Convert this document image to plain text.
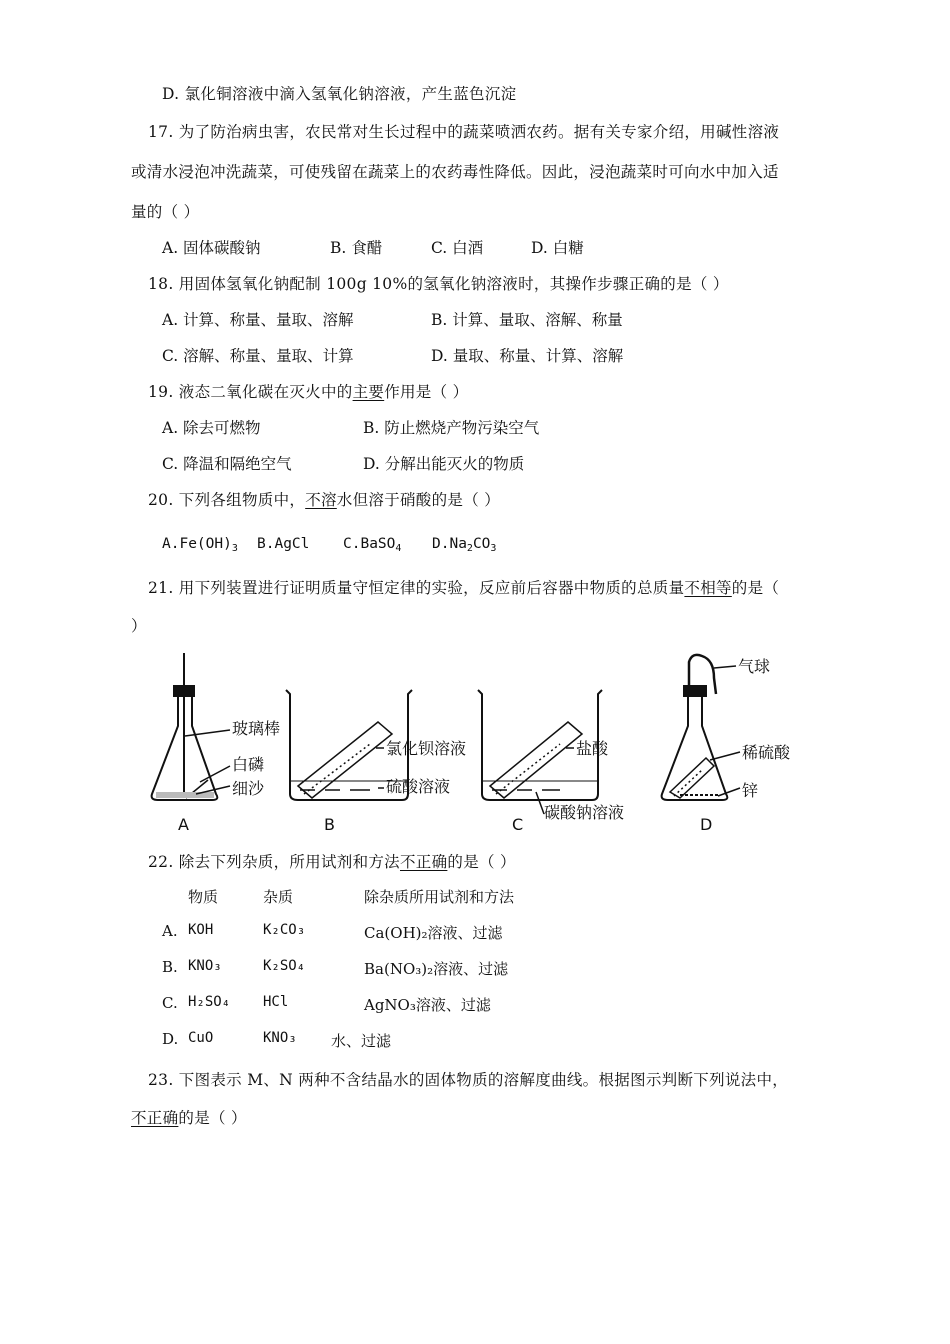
D. 氯化铜溶液中滴入氢氧化钠溶液，产生蓝色沉淀
17. 为了防治病虫害，农民常对生长过程中的蔬菜喷洒农药。据有关专家介绍，用碱性溶液
或清水浸泡冲洗蔬菜，可使残留在蔬菜上的农药毒性降低。因此，浸泡蔬菜时可向水中加入适
量的（ ）
A. 固体碳酸钠	B. 食醋	C. 白酒	D. 白糖
18. 用固体氢氧化钠配制 100g 10%的氢氧化钠溶液时，其操作步骤正确的是（ ）
A. 计算、称量、量取、溶解	B. 计算、量取、溶解、称量
C. 溶解、称量、量取、计算	D. 量取、称量、计算、溶解
19. 液态二氧化碳在灭火中的主要作用是（ ）
A. 除去可燃物	B. 防止燃烧产物污染空气
C. 降温和隔绝空气	D. 分解出能灭火的物质
20. 下列各组物质中，不溶水但溶于硝酸的是（ ）
$A.Fe(OH)_3$ B.AgCl C.BaSO$_4$ $D.Na_2CO_3$
21. 用下列装置进行证明质量守恒定律的实验，反应前后容器中物质的总质量不相等的是（
）
玻璃棒
白磷
细沙
A
氯化钡溶液
硫酸溶液
B
盐酸
碳酸钠溶液
C
气球
稀硫酸
锌
D
22. 除去下列杂质，所用试剂和方法不正确的是（ ）
物质	杂质	除杂质所用试剂和方法
A. KOH	K₂CO₃	Ca(OH)₂溶液、过滤
B. KNO₃	K₂SO₄	Ba(NO₃)₂溶液、过滤
C. H₂SO₄ HCl	AgNO₃溶液、过滤
D. CuO	KNO₃ 水、过滤
23. 下图表示 M、N 两种不含结晶水的固体物质的溶解度曲线。根据图示判断下列说法中，
不正确的是（ ）
